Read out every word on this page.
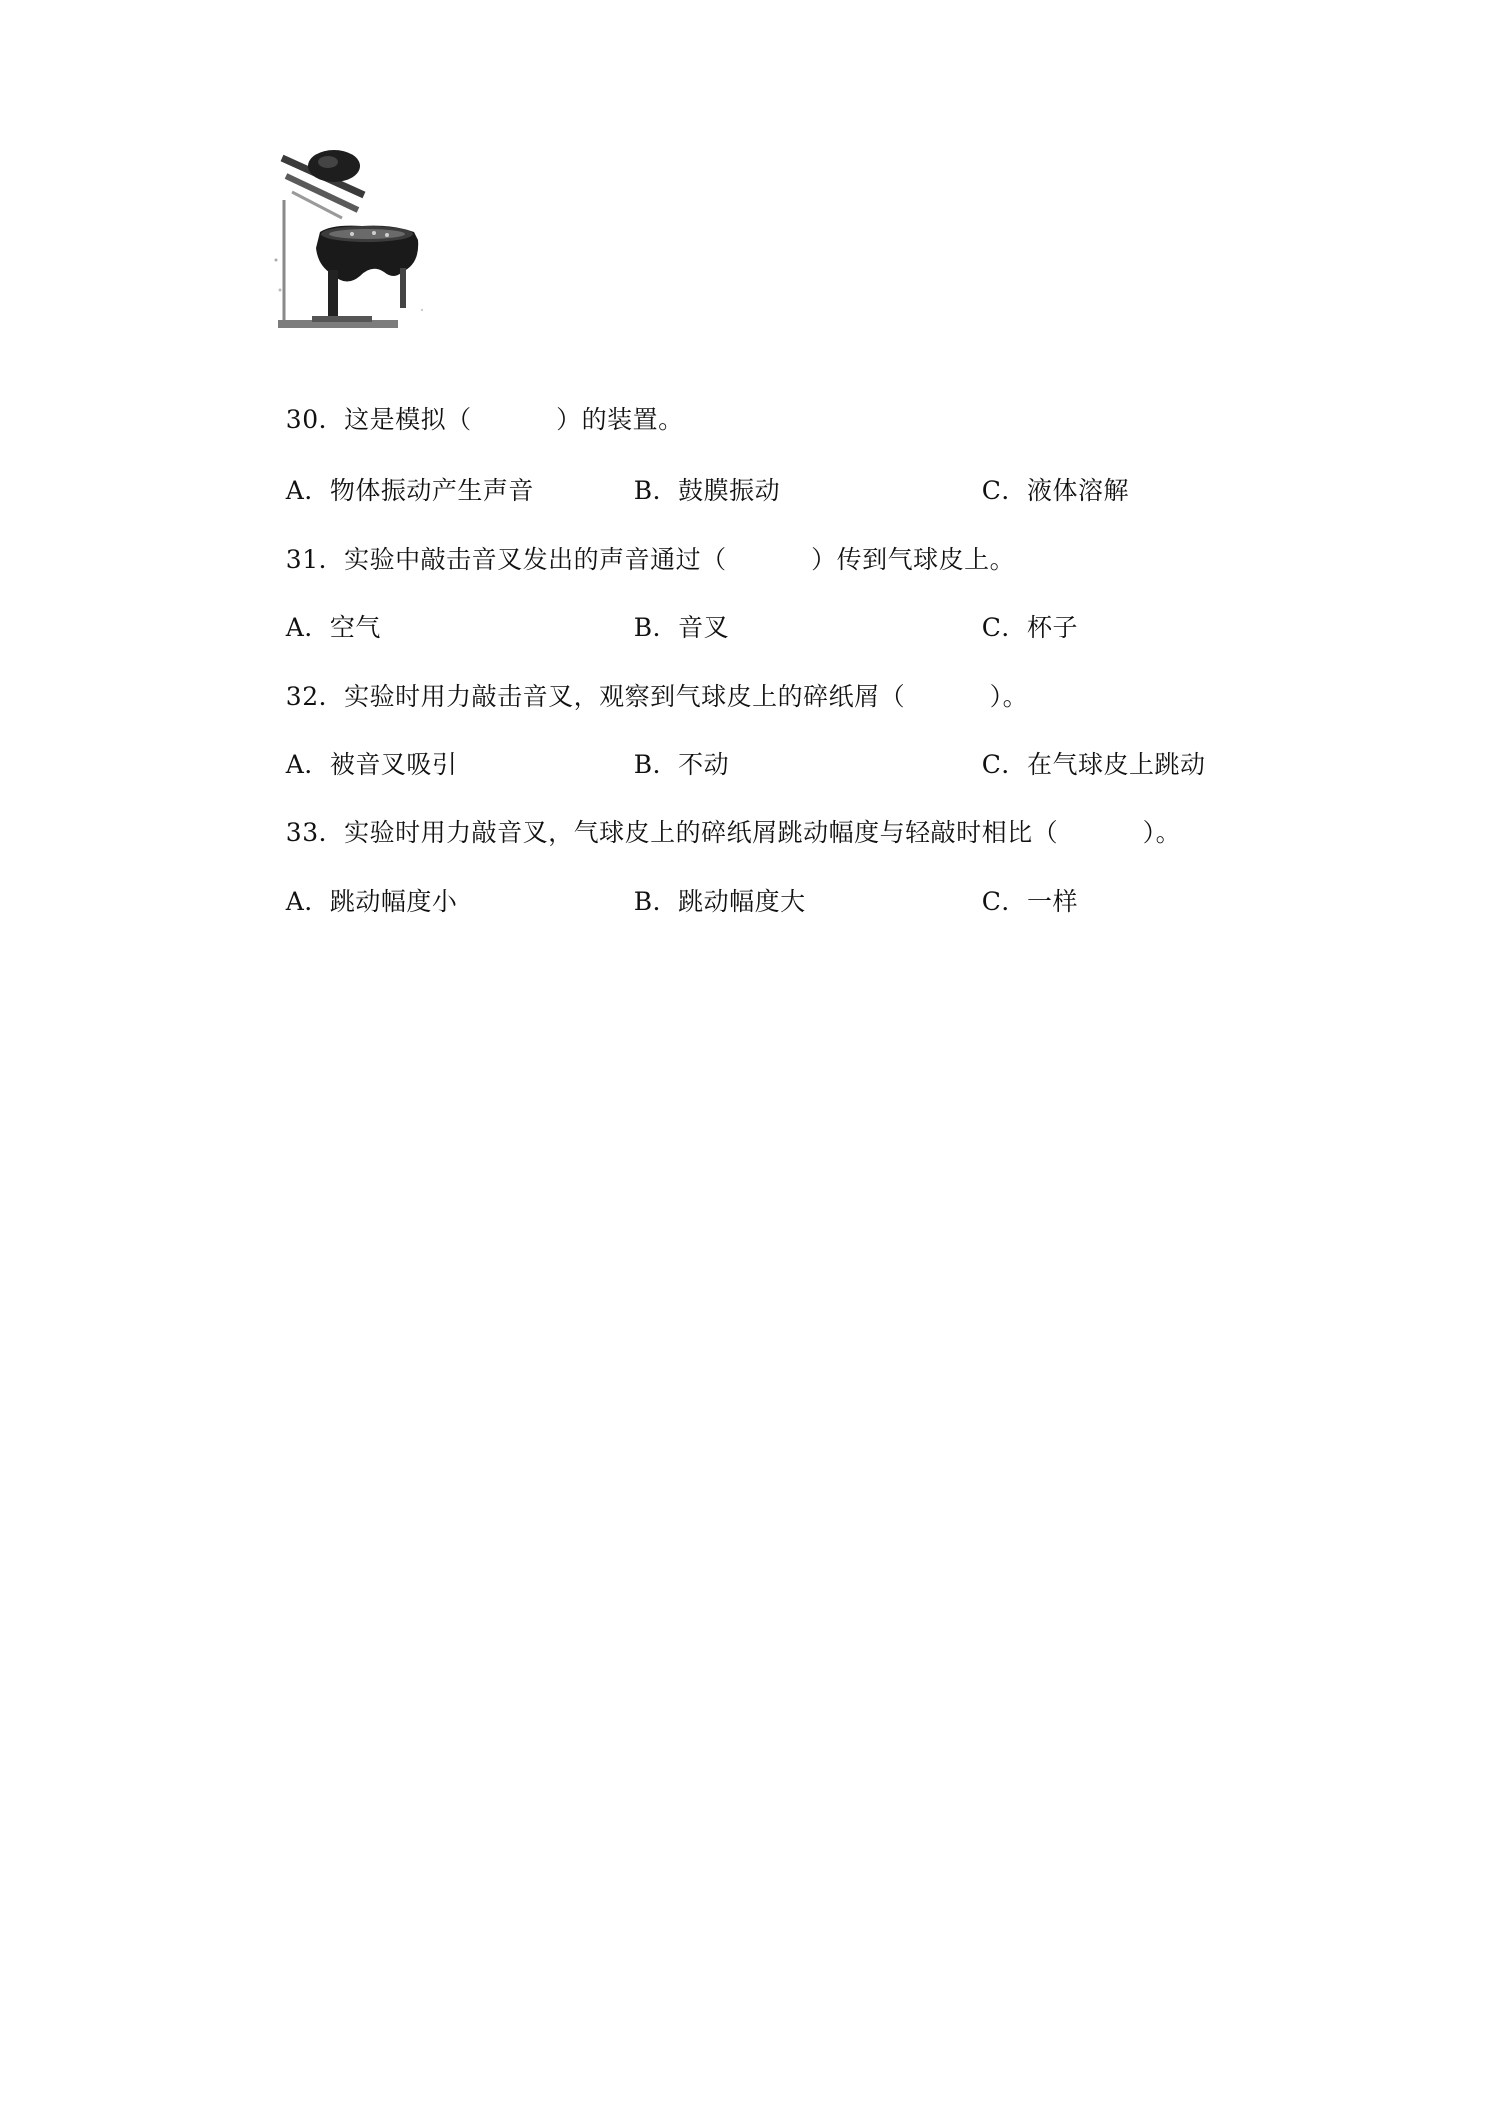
30．这是模拟（          ）的装置。

A．物体振动产生声音
	B．鼓膜振动
	C．液体溶解

31．实验中敲击音叉发出的声音通过（          ）传到气球皮上。

A．空气
	B．音叉
	C．杯子

32．实验时用力敲击音叉，观察到气球皮上的碎纸屑（          ）。

A．被音叉吸引
	B．不动
	C．在气球皮上跳动

33．实验时用力敲音叉，气球皮上的碎纸屑跳动幅度与轻敲时相比（          ）。

A．跳动幅度小
	B．跳动幅度大
	C．一样
